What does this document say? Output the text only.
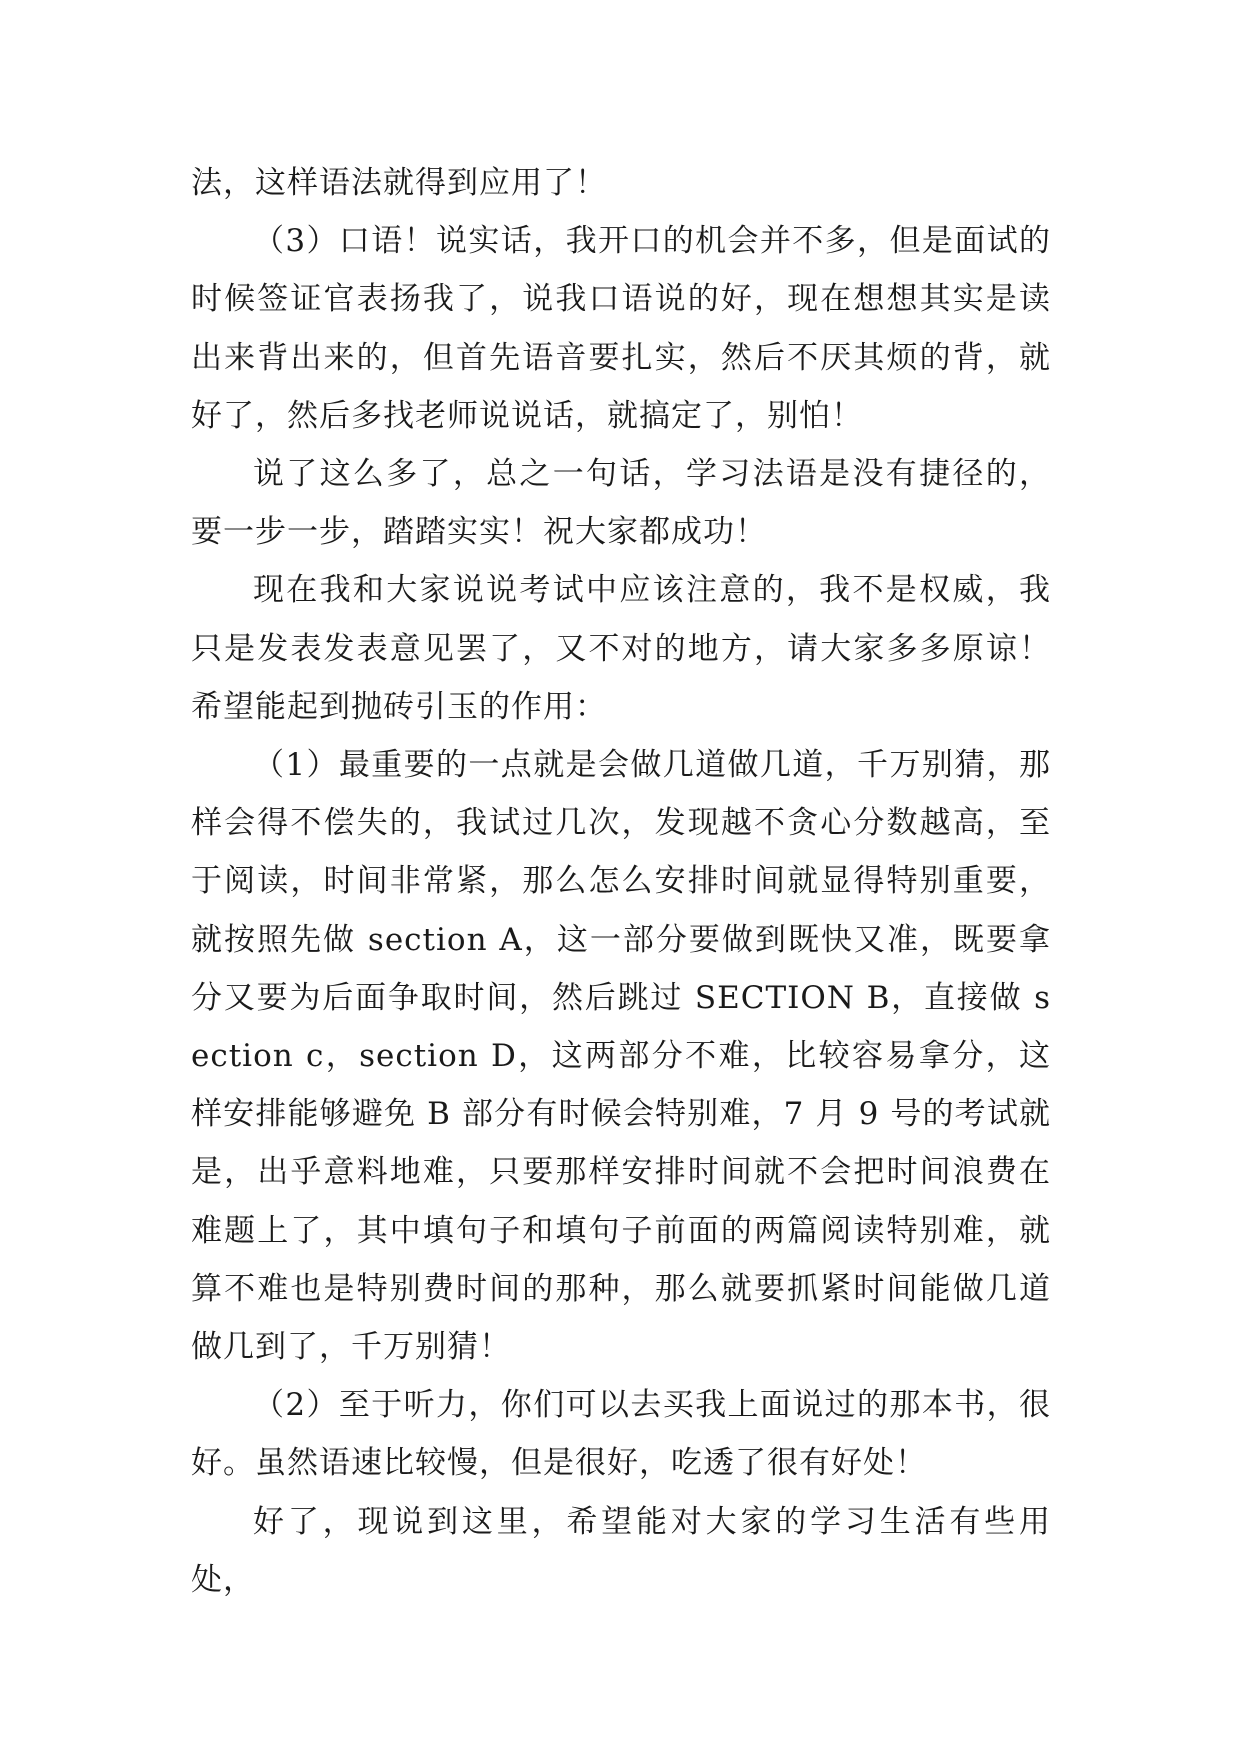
法，这样语法就得到应用了！

（3）口语！说实话，我开口的机会并不多，但是面试的时候签证官表扬我了，说我口语说的好，现在想想其实是读出来背出来的，但首先语音要扎实，然后不厌其烦的背，就好了，然后多找老师说说话，就搞定了，别怕！

说了这么多了，总之一句话，学习法语是没有捷径的，要一步一步，踏踏实实！祝大家都成功！

现在我和大家说说考试中应该注意的，我不是权威，我只是发表发表意见罢了，又不对的地方，请大家多多原谅！希望能起到抛砖引玉的作用：

（1）最重要的一点就是会做几道做几道，千万别猜，那样会得不偿失的，我试过几次，发现越不贪心分数越高，至于阅读，时间非常紧，那么怎么安排时间就显得特别重要，就按照先做 section A，这一部分要做到既快又准，既要拿分又要为后面争取时间，然后跳过 SECTION B，直接做 section c，section D，这两部分不难，比较容易拿分，这样安排能够避免 B 部分有时候会特别难，7 月 9 号的考试就是，出乎意料地难，只要那样安排时间就不会把时间浪费在难题上了，其中填句子和填句子前面的两篇阅读特别难，就算不难也是特别费时间的那种，那么就要抓紧时间能做几道做几到了，千万别猜！

（2）至于听力，你们可以去买我上面说过的那本书，很好。虽然语速比较慢，但是很好，吃透了很有好处！

好了，现说到这里，希望能对大家的学习生活有些用处，
